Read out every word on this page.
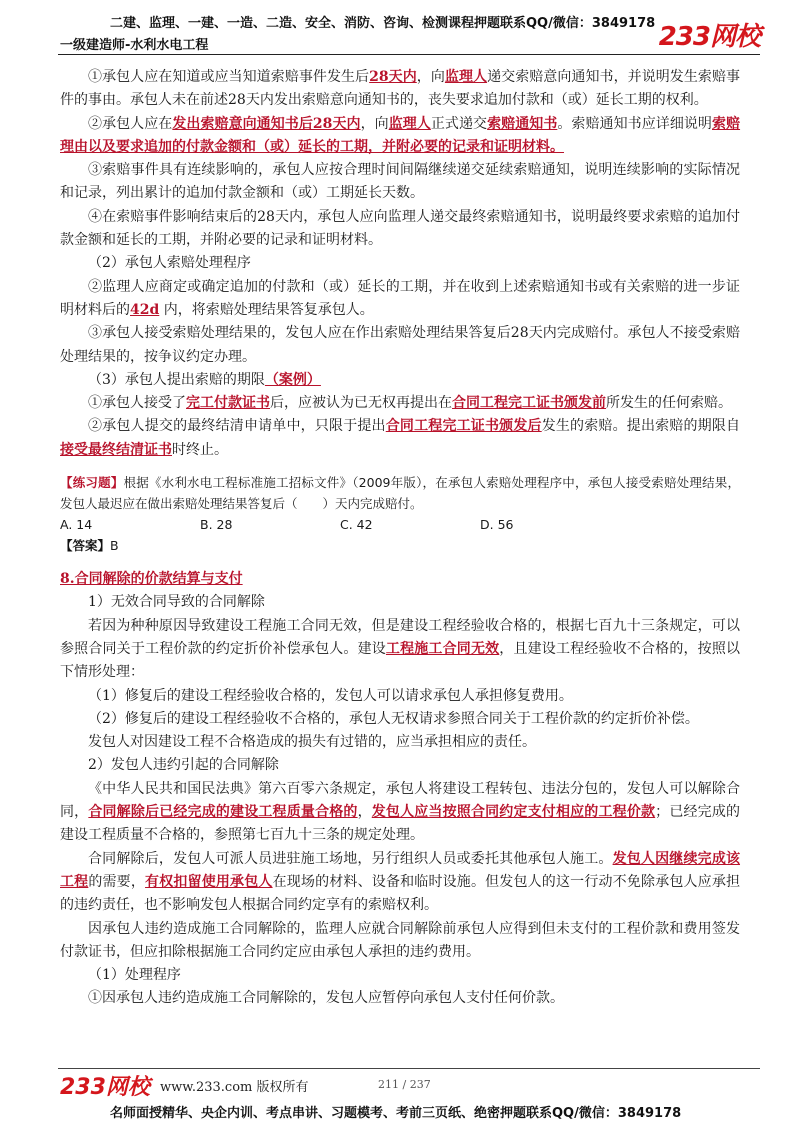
二建、监理、一建、一造、二造、安全、消防、咨询、检测课程押题联系QQ/微信：3849178
一级建造师-水利水电工程	233网校

①承包人应在知道或应当知道索赔事件发生后28天内，向监理人递交索赔意向通知书，并说明发生索赔事件的事由。承包人未在前述28天内发出索赔意向通知书的，丧失要求追加付款和（或）延长工期的权利。

②承包人应在发出索赔意向通知书后28天内，向监理人正式递交索赔通知书。索赔通知书应详细说明索赔理由以及要求追加的付款金额和（或）延长的工期，并附必要的记录和证明材料。

③索赔事件具有连续影响的，承包人应按合理时间间隔继续递交延续索赔通知，说明连续影响的实际情况和记录，列出累计的追加付款金额和（或）工期延长天数。

④在索赔事件影响结束后的28天内，承包人应向监理人递交最终索赔通知书，说明最终要求索赔的追加付款金额和延长的工期，并附必要的记录和证明材料。

（2）承包人索赔处理程序

②监理人应商定或确定追加的付款和（或）延长的工期，并在收到上述索赔通知书或有关索赔的进一步证明材料后的42d 内，将索赔处理结果答复承包人。

③承包人接受索赔处理结果的，发包人应在作出索赔处理结果答复后28天内完成赔付。承包人不接受索赔处理结果的，按争议约定办理。

（3）承包人提出索赔的期限（案例）

①承包人接受了完工付款证书后，应被认为已无权再提出在合同工程完工证书颁发前所发生的任何索赔。

②承包人提交的最终结清申请单中，只限于提出合同工程完工证书颁发后发生的索赔。提出索赔的期限自接受最终结清证书时终止。

【练习题】根据《水利水电工程标准施工招标文件》（2009年版），在承包人索赔处理程序中，承包人接受索赔处理结果，发包人最迟应在做出索赔处理结果答复后（　　）天内完成赔付。

A. 14	B. 28	C. 42	D. 56

【答案】B

8.合同解除的价款结算与支付

1）无效合同导致的合同解除

若因为种种原因导致建设工程施工合同无效，但是建设工程经验收合格的，根据七百九十三条规定，可以参照合同关于工程价款的约定折价补偿承包人。建设工程施工合同无效，且建设工程经验收不合格的，按照以下情形处理：

（1）修复后的建设工程经验收合格的，发包人可以请求承包人承担修复费用。

（2）修复后的建设工程经验收不合格的，承包人无权请求参照合同关于工程价款的约定折价补偿。

发包人对因建设工程不合格造成的损失有过错的，应当承担相应的责任。

2）发包人违约引起的合同解除

《中华人民共和国民法典》第六百零六条规定，承包人将建设工程转包、违法分包的，发包人可以解除合同，合同解除后已经完成的建设工程质量合格的，发包人应当按照合同约定支付相应的工程价款；已经完成的建设工程质量不合格的，参照第七百九十三条的规定处理。

合同解除后，发包人可派人员进驻施工场地，另行组织人员或委托其他承包人施工。发包人因继续完成该工程的需要，有权扣留使用承包人在现场的材料、设备和临时设施。但发包人的这一行动不免除承包人应承担的违约责任，也不影响发包人根据合同约定享有的索赔权利。

因承包人违约造成施工合同解除的，监理人应就合同解除前承包人应得到但未支付的工程价款和费用签发付款证书，但应扣除根据施工合同约定应由承包人承担的违约费用。

（1）处理程序

①因承包人违约造成施工合同解除的，发包人应暂停向承包人支付任何价款。

233网校 www.233.com 版权所有	211 / 237
名师面授精华、央企内训、考点串讲、习题模考、考前三页纸、绝密押题联系QQ/微信：3849178
